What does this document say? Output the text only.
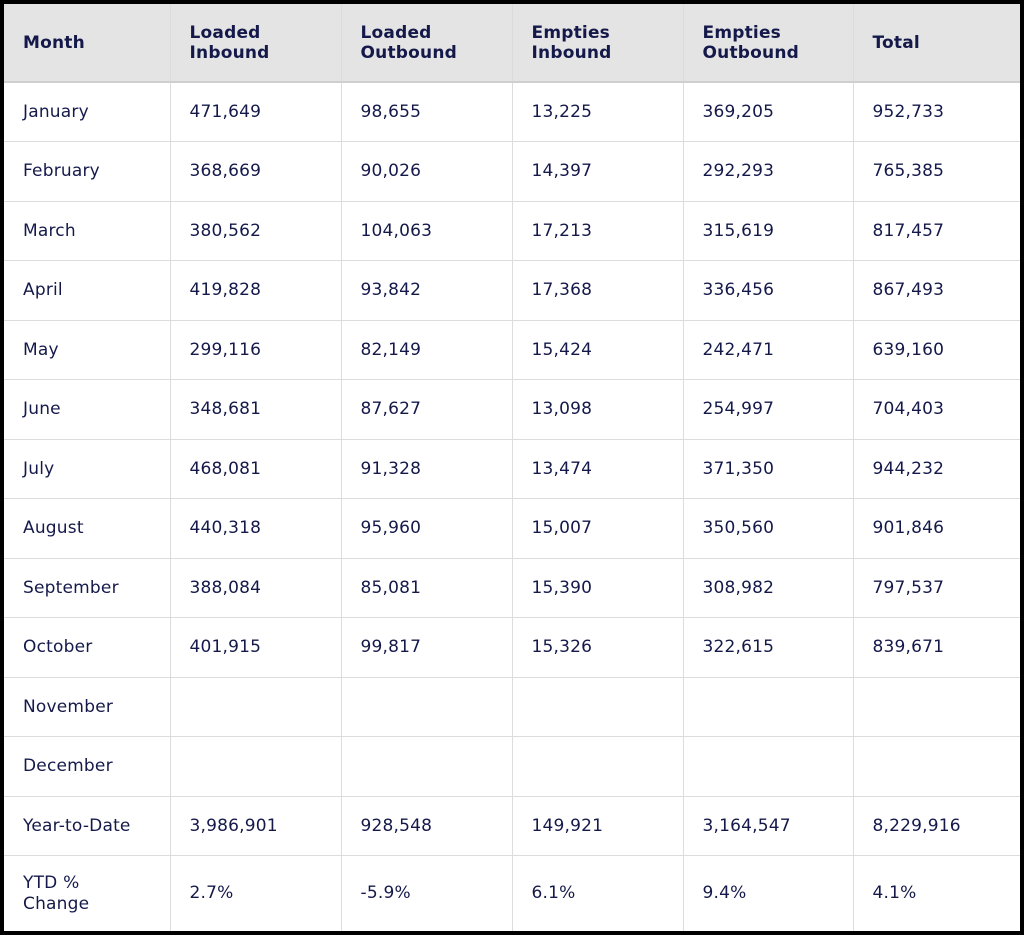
Month	Loaded Inbound	Loaded Outbound	Empties Inbound	Empties Outbound	Total

January	471,649	98,655	13,225	369,205	952,733
February	368,669	90,026	14,397	292,293	765,385
March	380,562	104,063	17,213	315,619	817,457
April	419,828	93,842	17,368	336,456	867,493
May	299,116	82,149	15,424	242,471	639,160
June	348,681	87,627	13,098	254,997	704,403
July	468,081	91,328	13,474	371,350	944,232
August	440,318	95,960	15,007	350,560	901,846
September	388,084	85,081	15,390	308,982	797,537
October	401,915	99,817	15,326	322,615	839,671
November					
December					
Year-to-Date	3,986,901	928,548	149,921	3,164,547	8,229,916

YTD % Change	2.7%	-5.9%	6.1%	9.4%	4.1%
